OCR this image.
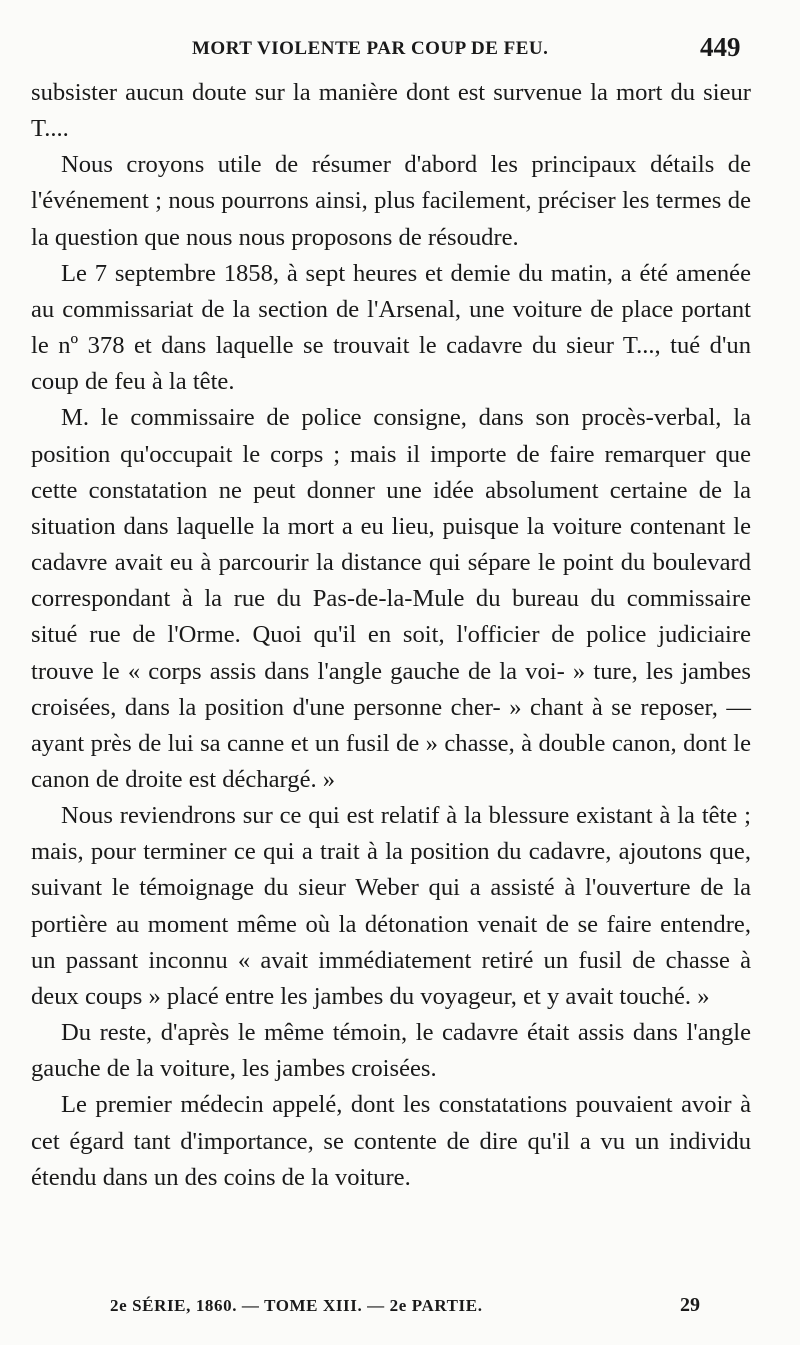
MORT VIOLENTE PAR COUP DE FEU.	449

subsister aucun doute sur la manière dont est survenue la mort du sieur T....

Nous croyons utile de résumer d'abord les principaux détails de l'événement ; nous pourrons ainsi, plus facilement, préciser les termes de la question que nous nous proposons de résoudre.

Le 7 septembre 1858, à sept heures et demie du matin, a été amenée au commissariat de la section de l'Arsenal, une voiture de place portant le nº 378 et dans laquelle se trouvait le cadavre du sieur T..., tué d'un coup de feu à la tête.

M. le commissaire de police consigne, dans son procès-verbal, la position qu'occupait le corps ; mais il importe de faire remarquer que cette constatation ne peut donner une idée absolument certaine de la situation dans laquelle la mort a eu lieu, puisque la voiture contenant le cadavre avait eu à parcourir la distance qui sépare le point du boulevard correspondant à la rue du Pas-de-la-Mule du bureau du commissaire situé rue de l'Orme. Quoi qu'il en soit, l'officier de police judiciaire trouve le « corps assis dans l'angle gauche de la voi- » ture, les jambes croisées, dans la position d'une personne cher- » chant à se reposer, — ayant près de lui sa canne et un fusil de » chasse, à double canon, dont le canon de droite est déchargé. »

Nous reviendrons sur ce qui est relatif à la blessure existant à la tête ; mais, pour terminer ce qui a trait à la position du cadavre, ajoutons que, suivant le témoignage du sieur Weber qui a assisté à l'ouverture de la portière au moment même où la détonation venait de se faire entendre, un passant inconnu « avait immédiatement retiré un fusil de chasse à deux coups » placé entre les jambes du voyageur, et y avait touché. »

Du reste, d'après le même témoin, le cadavre était assis dans l'angle gauche de la voiture, les jambes croisées.

Le premier médecin appelé, dont les constatations pouvaient avoir à cet égard tant d'importance, se contente de dire qu'il a vu un individu étendu dans un des coins de la voiture.

2e SÉRIE, 1860. — TOME XIII. — 2e PARTIE.	29
